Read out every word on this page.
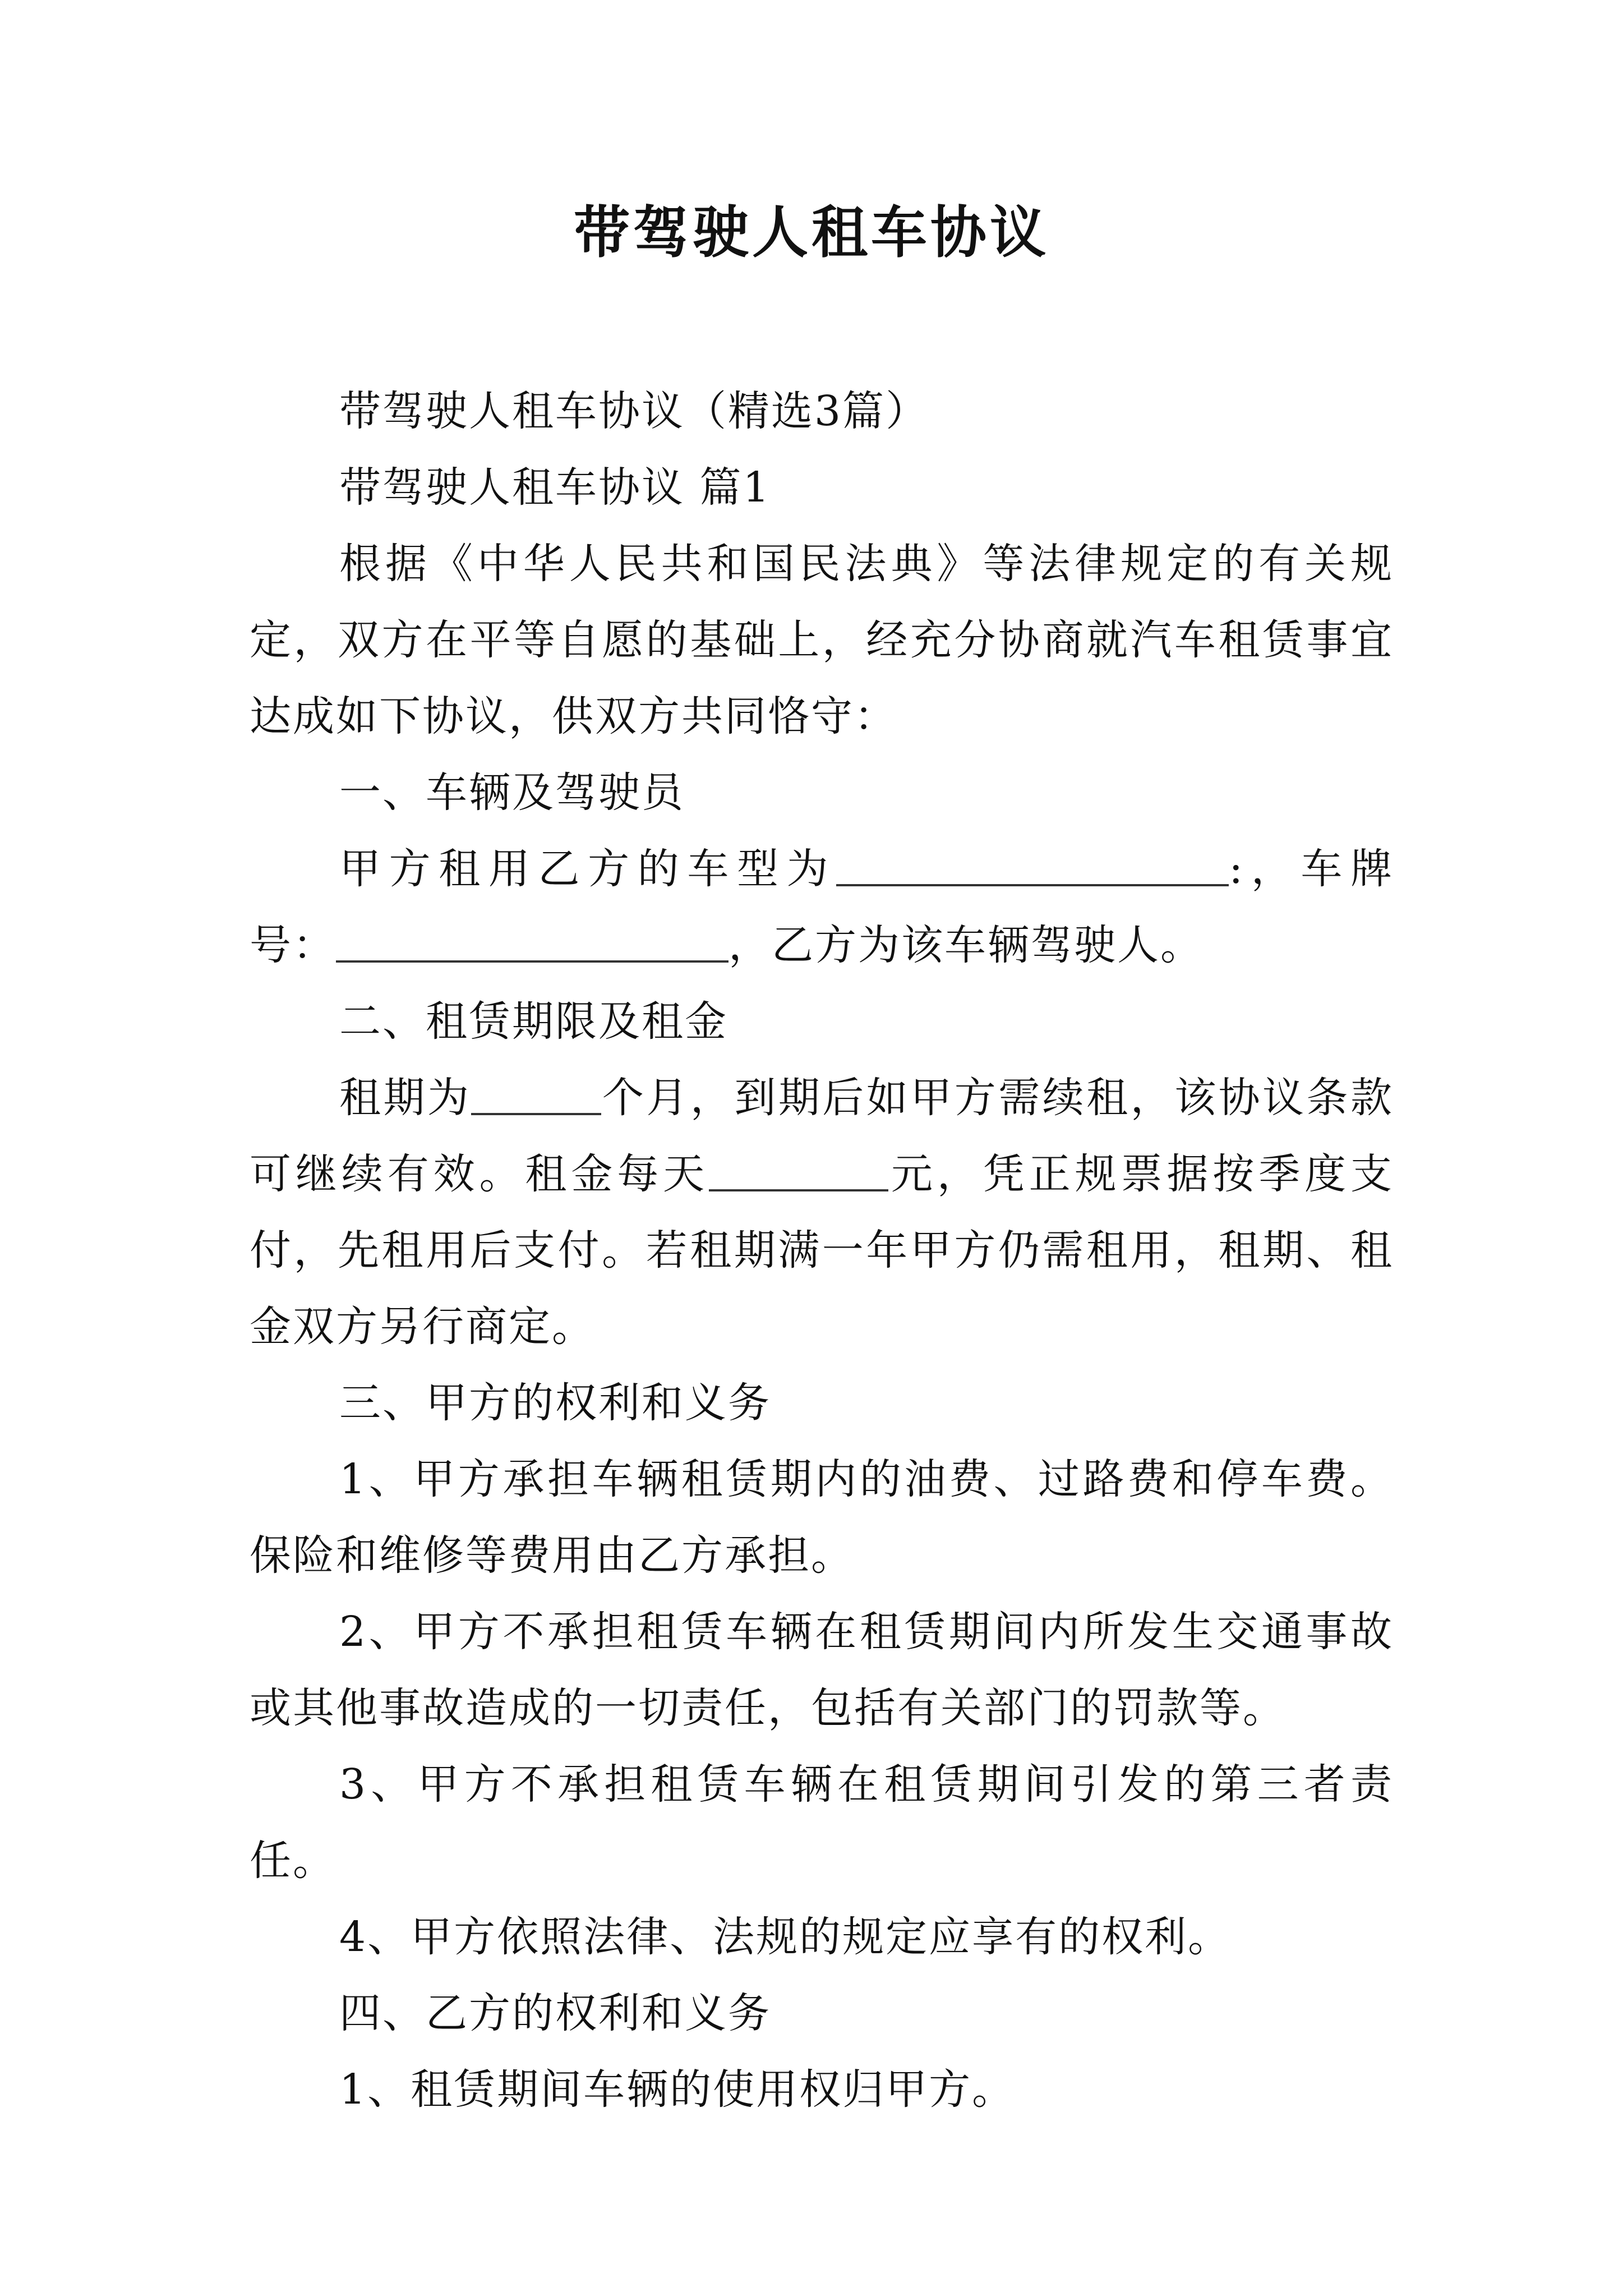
带驾驶人租车协议

带驾驶人租车协议（精选3篇）

带驾驶人租车协议 篇1

根据《中华人民共和国民法典》等法律规定的有关规定，双方在平等自愿的基础上，经充分协商就汽车租赁事宜达成如下协议，供双方共同恪守：

一、车辆及驾驶员

甲方租用乙方的车型为	:，车牌号：	，乙方为该车辆驾驶人。

二、租赁期限及租金

租期为	个月，到期后如甲方需续租，该协议条款可继续有效。租金每天	元，凭正规票据按季度支付，先租用后支付。若租期满一年甲方仍需租用，租期、租金双方另行商定。

三、甲方的权利和义务

1、甲方承担车辆租赁期内的油费、过路费和停车费。保险和维修等费用由乙方承担。

2、甲方不承担租赁车辆在租赁期间内所发生交通事故或其他事故造成的一切责任，包括有关部门的罚款等。

3、甲方不承担租赁车辆在租赁期间引发的第三者责任。

4、甲方依照法律、法规的规定应享有的权利。

四、乙方的权利和义务

1、租赁期间车辆的使用权归甲方。
